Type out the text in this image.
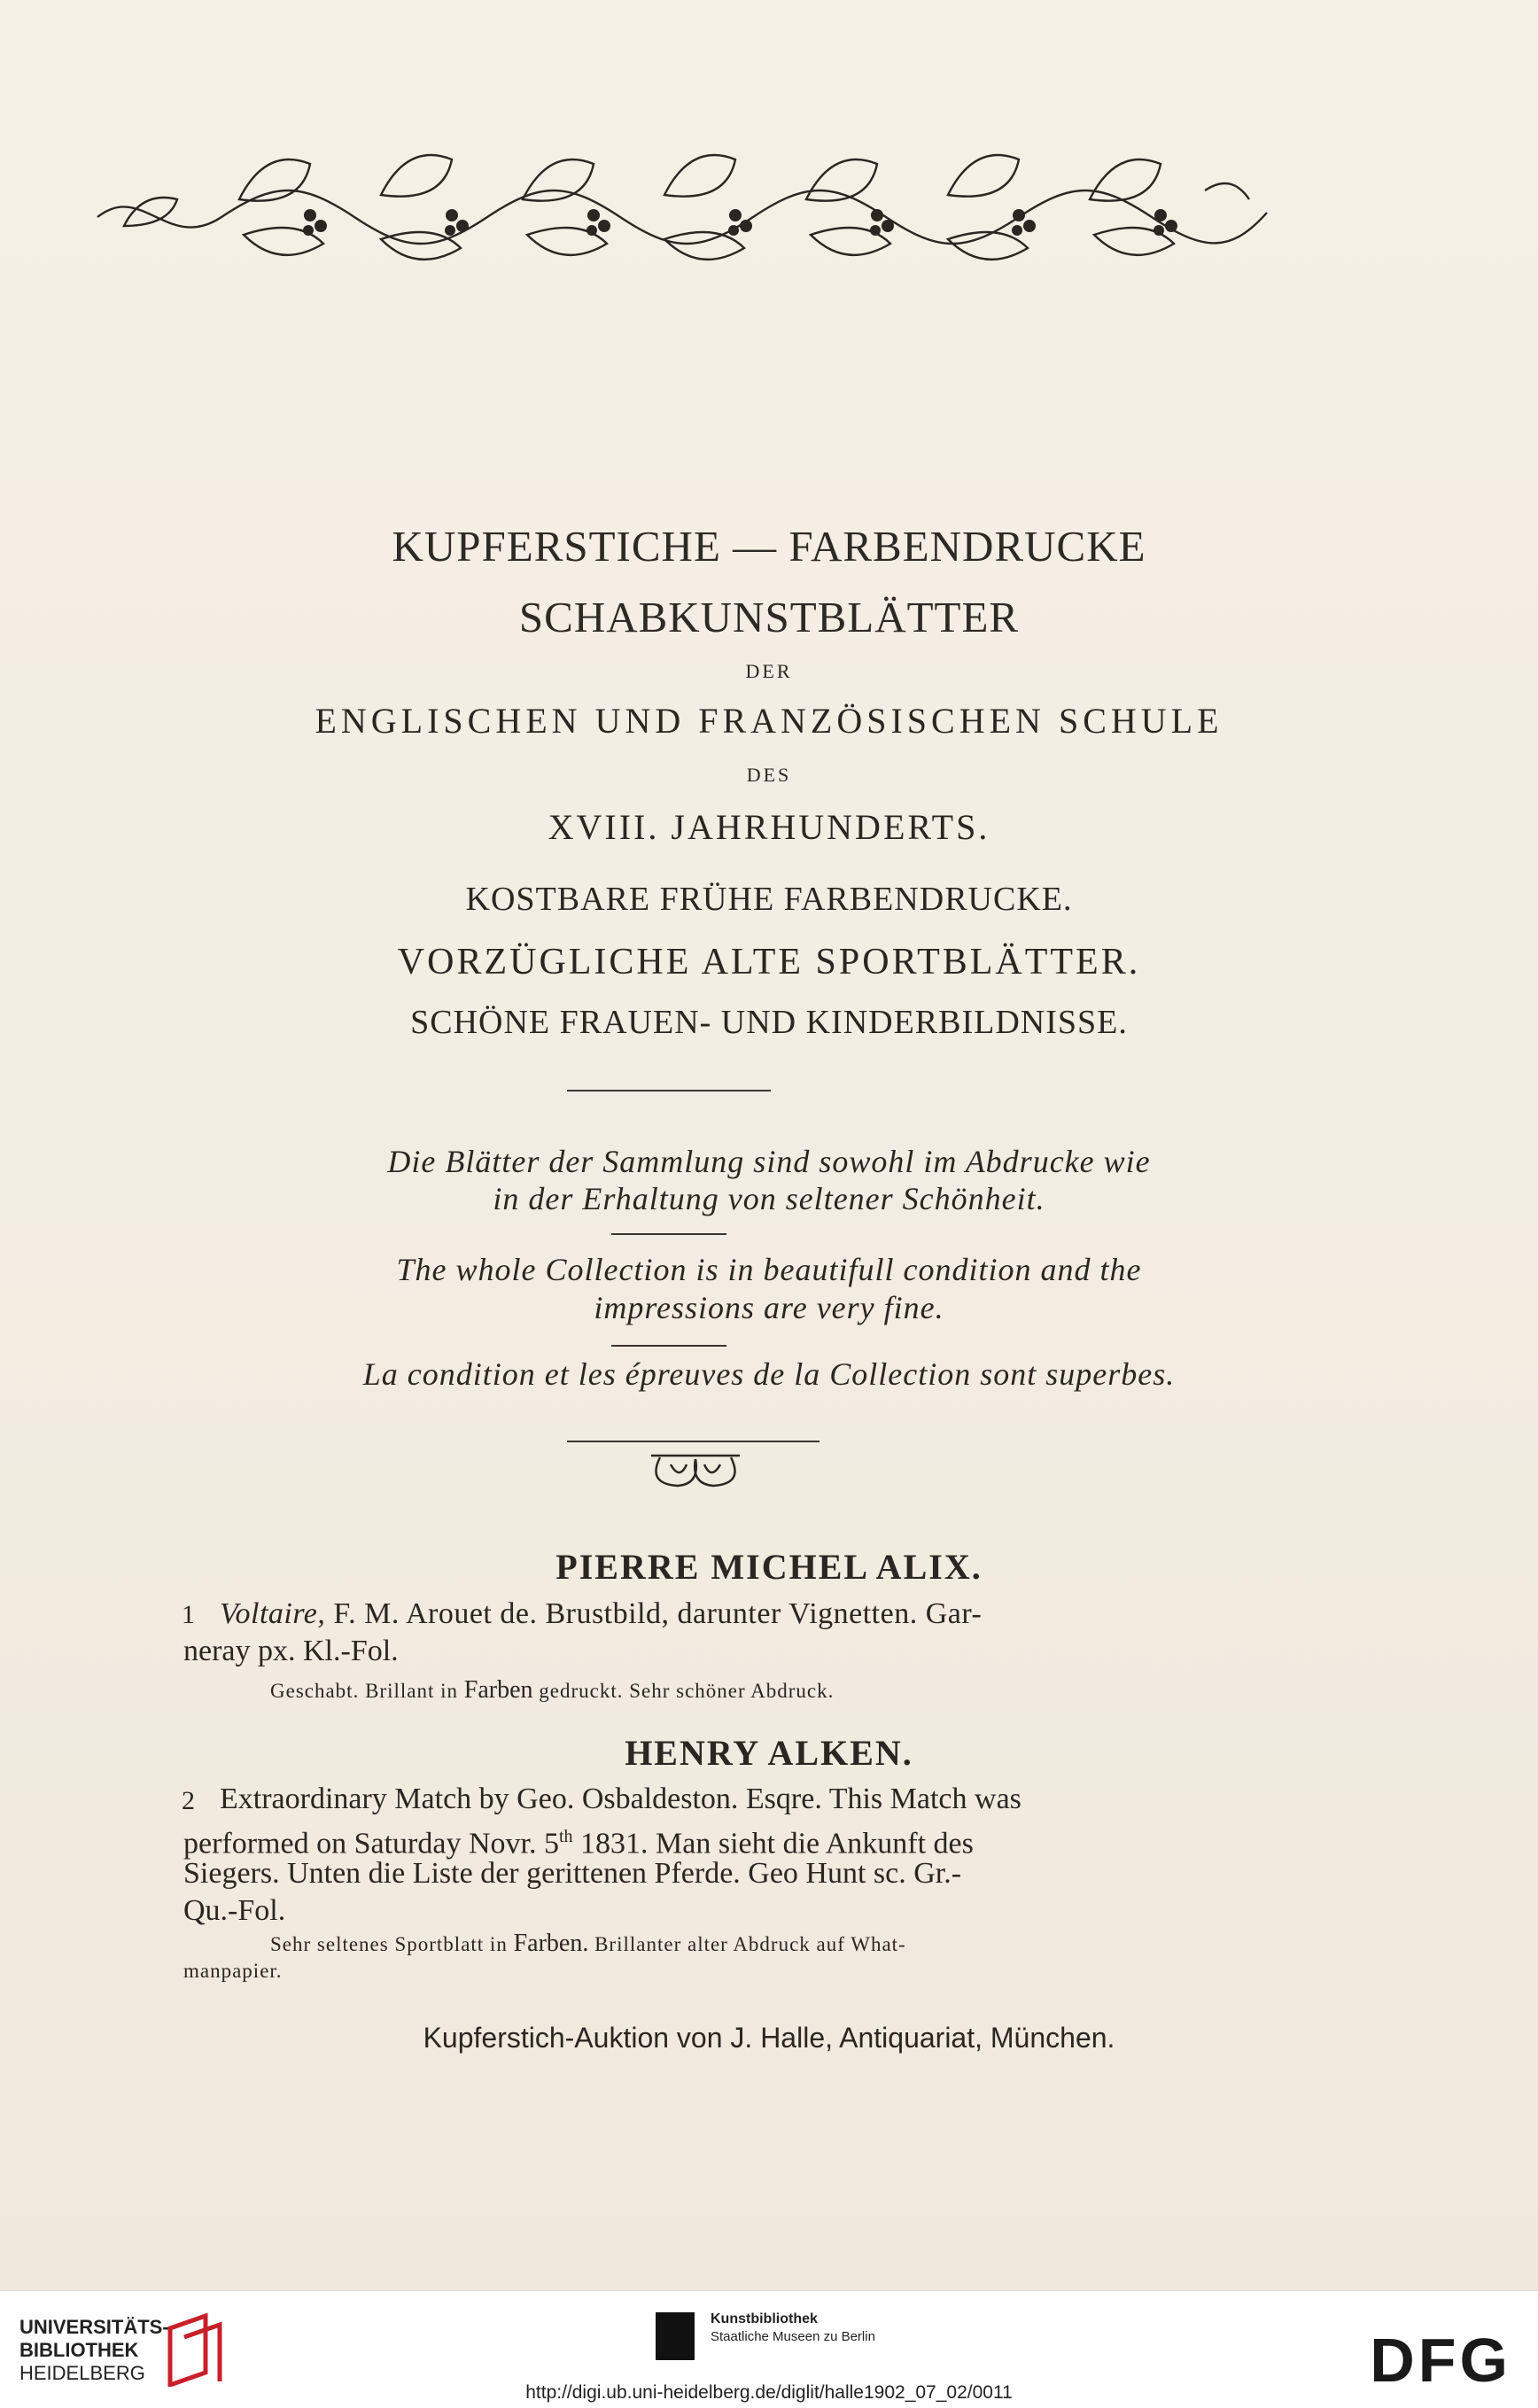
KUPFERSTICHE — FARBENDRUCKE
SCHABKUNSTBLÄTTER
DER
ENGLISCHEN UND FRANZÖSISCHEN SCHULE
DES
XVIII. JAHRHUNDERTS.
KOSTBARE FRÜHE FARBENDRUCKE.
VORZÜGLICHE ALTE SPORTBLÄTTER.
SCHÖNE FRAUEN- UND KINDERBILDNISSE.
Die Blätter der Sammlung sind sowohl im Abdrucke wie
in der Erhaltung von seltener Schönheit.
The whole Collection is in beautifull condition and the
impressions are very fine.
La condition et les épreuves de la Collection sont superbes.
PIERRE MICHEL ALIX.
1 Voltaire, F. M. Arouet de. Brustbild, darunter Vignetten. Gar-
neray px. Kl.-Fol.
Geschabt. Brillant in Farben gedruckt. Sehr schöner Abdruck.
HENRY ALKEN.
2 Extraordinary Match by Geo. Osbaldeston. Esqre. This Match was
performed on Saturday Novr. 5th 1831. Man sieht die Ankunft des
Siegers. Unten die Liste der gerittenen Pferde. Geo Hunt sc. Gr.-
Qu.-Fol.
Sehr seltenes Sportblatt in Farben. Brillanter alter Abdruck auf What-
manpapier.
Kupferstich-Auktion von J. Halle, Antiquariat, München.
UNIVERSITÄTS-
BIBLIOTHEK
HEIDELBERG
Kunstbibliothek
Staatliche Museen zu Berlin	DFG
http://digi.ub.uni-heidelberg.de/diglit/halle1902_07_02/0011
